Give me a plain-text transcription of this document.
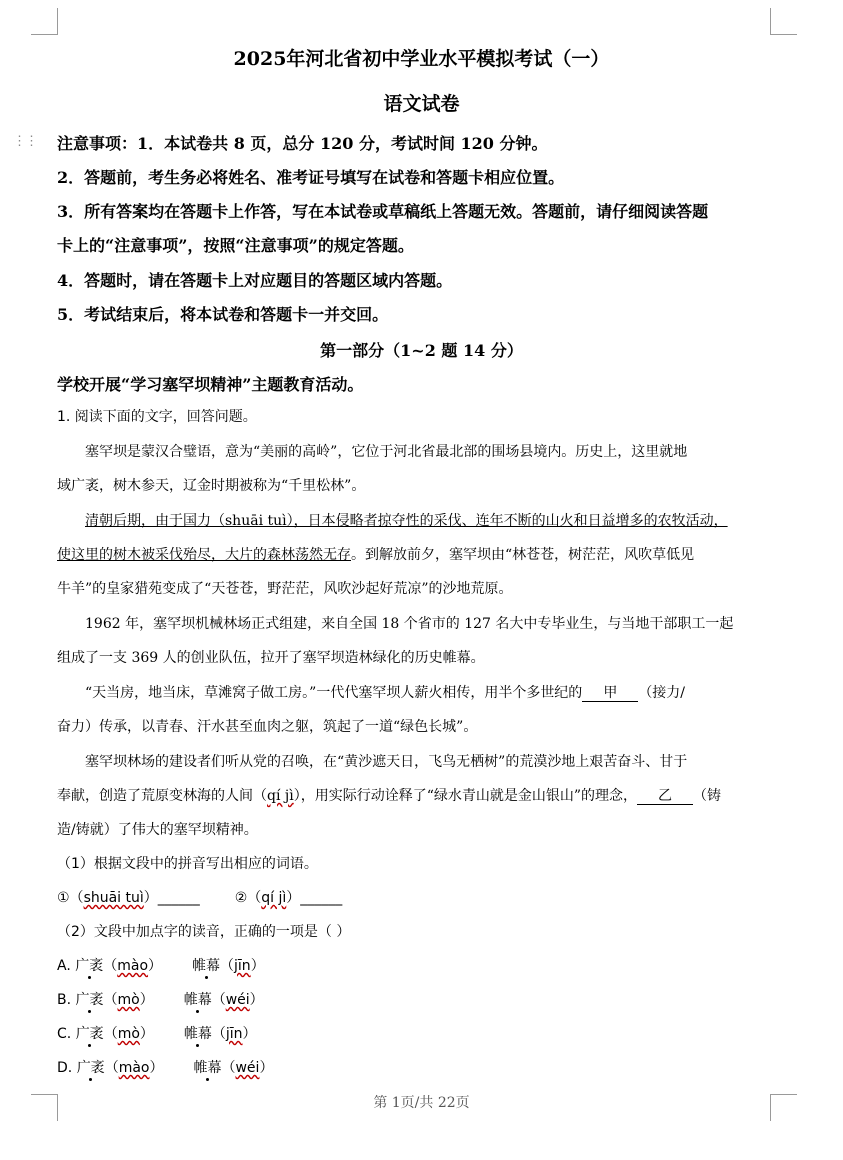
⋮⋮
2025年河北省初中学业水平模拟考试（一）
语文试卷
注意事项：1．本试卷共 8 页，总分 120 分，考试时间 120 分钟。
2．答题前，考生务必将姓名、准考证号填写在试卷和答题卡相应位置。
3．所有答案均在答题卡上作答，写在本试卷或草稿纸上答题无效。答题前，请仔细阅读答题
卡上的“注意事项”，按照“注意事项”的规定答题。
4．答题时，请在答题卡上对应题目的答题区域内答题。
5．考试结束后，将本试卷和答题卡一并交回。
第一部分（1~2 题 14 分）
学校开展“学习塞罕坝精神”主题教育活动。
1. 阅读下面的文字，回答问题。
塞罕坝是蒙汉合璧语，意为“美丽的高岭”，它位于河北省最北部的围场县境内。历史上，这里就地
域广袤，树木参天，辽金时期被称为“千里松林”。
清朝后期，由于国力（shuāi tuì），日本侵略者掠夺性的采伐、连年不断的山火和日益增多的农牧活动，
使这里的树木被采伐殆尽，大片的森林荡然无存。到解放前夕，塞罕坝由“林苍苍，树茫茫，风吹草低见
牛羊”的皇家猎苑变成了“天苍苍，野茫茫，风吹沙起好荒凉”的沙地荒原。
1962 年，塞罕坝机械林场正式组建，来自全国 18 个省市的 127 名大中专毕业生，与当地干部职工一起
组成了一支 369 人的创业队伍，拉开了塞罕坝造林绿化的历史帷幕。
“天当房，地当床，草滩窝子做工房。”一代代塞罕坝人薪火相传，用半个多世纪的 甲 （接力/
奋力）传承，以青春、汗水甚至血肉之躯，筑起了一道“绿色长城”。
塞罕坝林场的建设者们听从党的召唤，在“黄沙遮天日，飞鸟无栖树”的荒漠沙地上艰苦奋斗、甘于
奉献，创造了荒原变林海的人间（qí jì），用实际行动诠释了“绿水青山就是金山银山”的理念， 乙 （铸
造/铸就）了伟大的塞罕坝精神。
（1）根据文段中的拼音写出相应的词语。
①（shuāi tuì）______ ②（qí jì）______
（2）文段中加点字的读音，正确的一项是（ ）
A. 广袤（mào） 帷幕（jīn）
B. 广袤（mò） 帷幕（wéi）
C. 广袤（mò） 帷幕（jīn）
D. 广袤（mào） 帷幕（wéi）
第 1页/共 22页
